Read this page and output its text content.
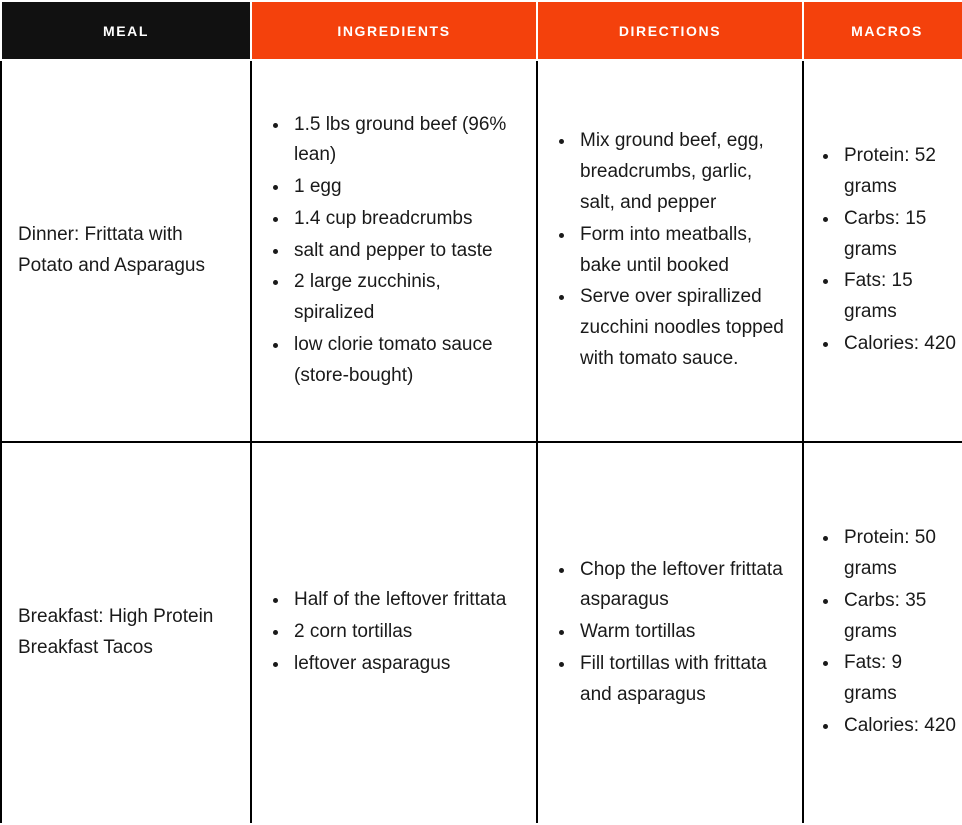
MEAL	INGREDIENTS	DIRECTIONS	MACROS
Dinner: Frittata with Potato and Asparagus	
• 1.5 lbs ground beef (96% lean)
• 1 egg
• 1.4 cup breadcrumbs
• salt and pepper to taste
• 2 large zucchinis, spiralized
• low clorie tomato sauce (store-bought)

• Mix ground beef, egg, breadcrumbs, garlic, salt, and pepper
• Form into meatballs, bake until booked
• Serve over spirallized zucchini noodles topped with tomato sauce.

• Protein: 52 grams
• Carbs: 15 grams
• Fats: 15 grams
• Calories: 420

Breakfast: High Protein Breakfast Tacos	
• Half of the leftover frittata
• 2 corn tortillas
• leftover asparagus

• Chop the leftover frittata asparagus
• Warm tortillas
• Fill tortillas with frittata and asparagus

• Protein: 50 grams
• Carbs: 35 grams
• Fats: 9 grams
• Calories: 420
